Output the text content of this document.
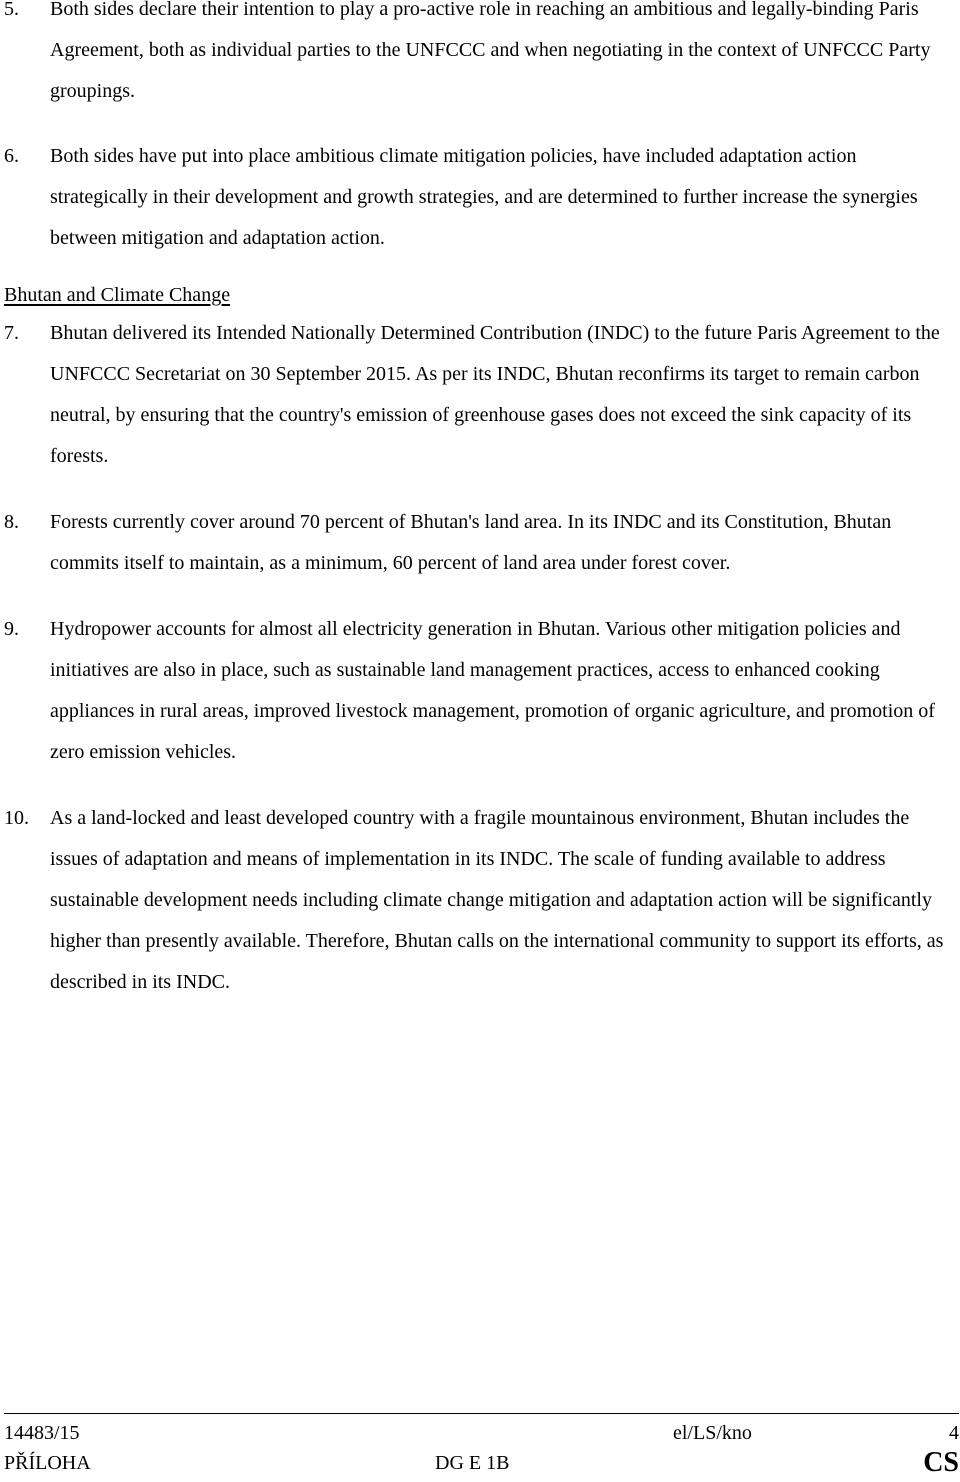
5. Both sides declare their intention to play a pro-active role in reaching an ambitious and legally-binding Paris Agreement, both as individual parties to the UNFCCC and when negotiating in the context of UNFCCC Party groupings.
6. Both sides have put into place ambitious climate mitigation policies, have included adaptation action strategically in their development and growth strategies, and are determined to further increase the synergies between mitigation and adaptation action.
Bhutan and Climate Change
7. Bhutan delivered its Intended Nationally Determined Contribution (INDC) to the future Paris Agreement to the UNFCCC Secretariat on 30 September 2015. As per its INDC, Bhutan reconfirms its target to remain carbon neutral, by ensuring that the country's emission of greenhouse gases does not exceed the sink capacity of its forests.
8. Forests currently cover around 70 percent of Bhutan's land area. In its INDC and its Constitution, Bhutan commits itself to maintain, as a minimum, 60 percent of land area under forest cover.
9. Hydropower accounts for almost all electricity generation in Bhutan. Various other mitigation policies and initiatives are also in place, such as sustainable land management practices, access to enhanced cooking appliances in rural areas, improved livestock management, promotion of organic agriculture, and promotion of zero emission vehicles.
10. As a land-locked and least developed country with a fragile mountainous environment, Bhutan includes the issues of adaptation and means of implementation in its INDC. The scale of funding available to address sustainable development needs including climate change mitigation and adaptation action will be significantly higher than presently available. Therefore, Bhutan calls on the international community to support its efforts, as described in its INDC.
14483/15	el/LS/kno	4
PŘÍLOHA	DG E 1B	CS
